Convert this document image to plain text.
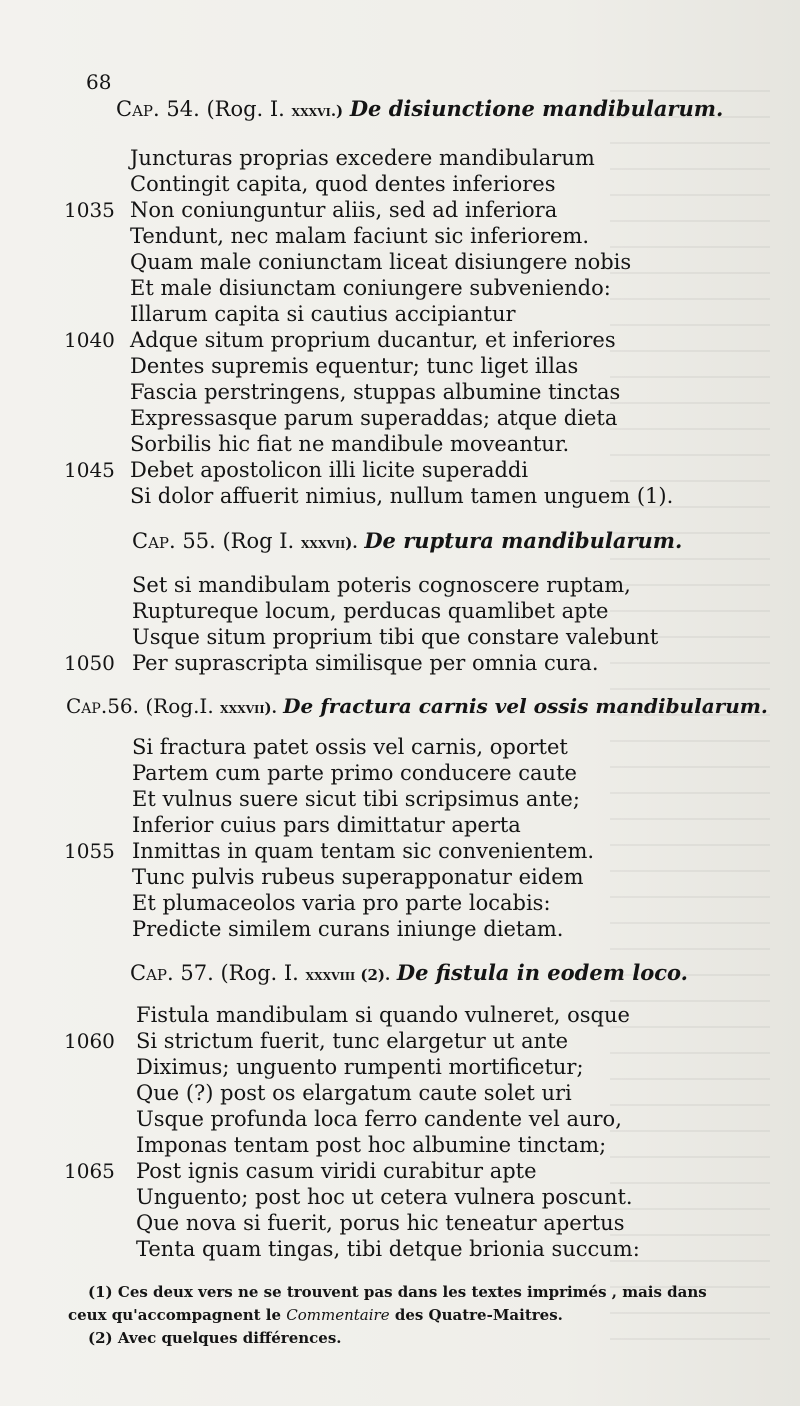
68
Cap. 54. (Rog. I. xxxvi.) De disiunctione mandibularum.
Cap. 55. (Rog I. xxxvii). De ruptura mandibularum.
Cap.56. (Rog.I. xxxvii). De fractura carnis vel ossis mandibularum.
Cap. 57. (Rog. I. xxxviii (2). De fistula in eodem loco.
Juncturas proprias excedere mandibularum
Contingit capita, quod dentes inferiores
1035 Non coniunguntur aliis, sed ad inferiora
Tendunt, nec malam faciunt sic inferiorem.
Quam male coniunctam liceat disiungere nobis
Et male disiunctam coniungere subveniendo:
Illarum capita si cautius accipiantur
1040 Adque situm proprium ducantur, et inferiores
Dentes supremis equentur; tunc liget illas
Fascia perstringens, stuppas albumine tinctas
Expressasque parum superaddas; atque dieta
Sorbilis hic fiat ne mandibule moveantur.
1045 Debet apostolicon illi licite superaddi
Si dolor affuerit nimius, nullum tamen unguem (1).
Set si mandibulam poteris cognoscere ruptam,
Ruptureque locum, perducas quamlibet apte
Usque situm proprium tibi que constare valebunt
1050 Per suprascripta similisque per omnia cura.
Si fractura patet ossis vel carnis, oportet
Partem cum parte primo conducere caute
Et vulnus suere sicut tibi scripsimus ante;
Inferior cuius pars dimittatur aperta
1055 Inmittas in quam tentam sic convenientem.
Tunc pulvis rubeus superapponatur eidem
Et plumaceolos varia pro parte locabis:
Predicte similem curans iniunge dietam.
Fistula mandibulam si quando vulneret, osque
1060 Si strictum fuerit, tunc elargetur ut ante
Diximus; unguento rumpenti mortificetur;
Que (?) post os elargatum caute solet uri
Usque profunda loca ferro candente vel auro,
Imponas tentam post hoc albumine tinctam;
1065 Post ignis casum viridi curabitur apte
Unguento; post hoc ut cetera vulnera poscunt.
Que nova si fuerit, porus hic teneatur apertus
Tenta quam tingas, tibi detque brionia succum:
(1) Ces deux vers ne se trouvent pas dans les textes imprimés , mais dans
ceux qu'accompagnent le Commentaire des Quatre-Maitres.
(2) Avec quelques différences.
